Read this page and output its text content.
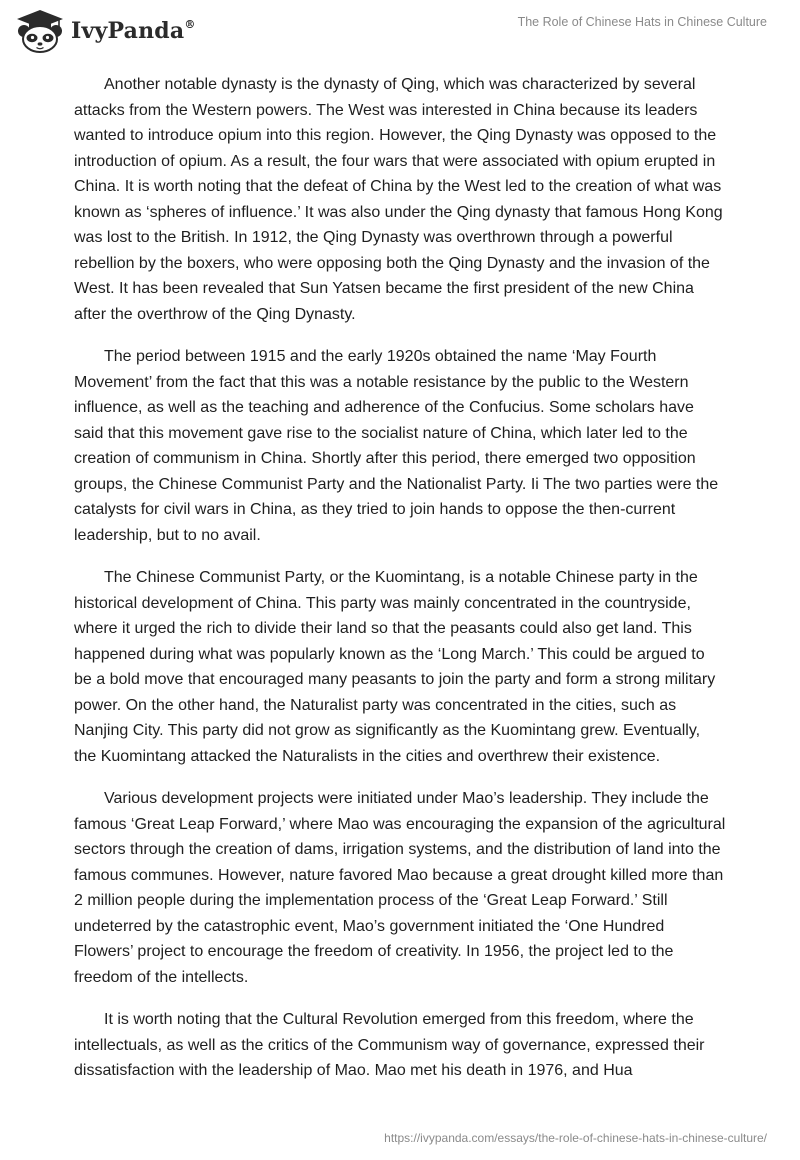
IvyPanda®	The Role of Chinese Hats in Chinese Culture

Another notable dynasty is the dynasty of Qing, which was characterized by several attacks from the Western powers. The West was interested in China because its leaders wanted to introduce opium into this region. However, the Qing Dynasty was opposed to the introduction of opium. As a result, the four wars that were associated with opium erupted in China. It is worth noting that the defeat of China by the West led to the creation of what was known as ‘spheres of influence.’ It was also under the Qing dynasty that famous Hong Kong was lost to the British. In 1912, the Qing Dynasty was overthrown through a powerful rebellion by the boxers, who were opposing both the Qing Dynasty and the invasion of the West. It has been revealed that Sun Yatsen became the first president of the new China after the overthrow of the Qing Dynasty.

The period between 1915 and the early 1920s obtained the name ‘May Fourth Movement’ from the fact that this was a notable resistance by the public to the Western influence, as well as the teaching and adherence of the Confucius. Some scholars have said that this movement gave rise to the socialist nature of China, which later led to the creation of communism in China. Shortly after this period, there emerged two opposition groups, the Chinese Communist Party and the Nationalist Party. Ii The two parties were the catalysts for civil wars in China, as they tried to join hands to oppose the then-current leadership, but to no avail.

The Chinese Communist Party, or the Kuomintang, is a notable Chinese party in the historical development of China. This party was mainly concentrated in the countryside, where it urged the rich to divide their land so that the peasants could also get land. This happened during what was popularly known as the ‘Long March.’ This could be argued to be a bold move that encouraged many peasants to join the party and form a strong military power. On the other hand, the Naturalist party was concentrated in the cities, such as Nanjing City. This party did not grow as significantly as the Kuomintang grew. Eventually, the Kuomintang attacked the Naturalists in the cities and overthrew their existence.

Various development projects were initiated under Mao’s leadership. They include the famous ‘Great Leap Forward,’ where Mao was encouraging the expansion of the agricultural sectors through the creation of dams, irrigation systems, and the distribution of land into the famous communes. However, nature favored Mao because a great drought killed more than 2 million people during the implementation process of the ‘Great Leap Forward.’ Still undeterred by the catastrophic event, Mao’s government initiated the ‘One Hundred Flowers’ project to encourage the freedom of creativity. In 1956, the project led to the freedom of the intellects.

It is worth noting that the Cultural Revolution emerged from this freedom, where the intellectuals, as well as the critics of the Communism way of governance, expressed their dissatisfaction with the leadership of Mao. Mao met his death in 1976, and Hua

https://ivypanda.com/essays/the-role-of-chinese-hats-in-chinese-culture/
